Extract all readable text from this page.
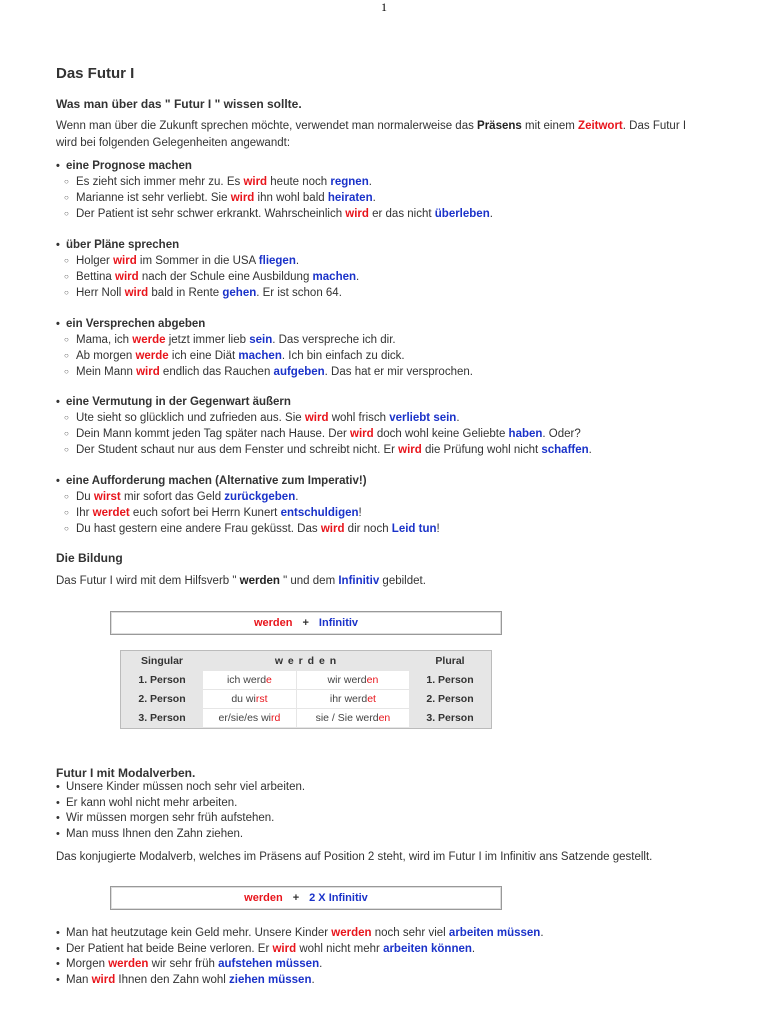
1
Das Futur I
Was man über das " Futur I " wissen sollte.

Wenn man über die Zukunft sprechen möchte, verwendet man normalerweise das Präsens mit einem Zeitwort. Das Futur I

wird bei folgenden Gelegenheiten angewandt:

• eine Prognose machen
○ Es zieht sich immer mehr zu. Es wird heute noch regnen.
○ Marianne ist sehr verliebt. Sie wird ihn wohl bald heiraten.
○ Der Patient ist sehr schwer erkrankt. Wahrscheinlich wird er das nicht überleben.
• über Pläne sprechen
○ Holger wird im Sommer in die USA fliegen.
○ Bettina wird nach der Schule eine Ausbildung machen.
○ Herr Noll wird bald in Rente gehen. Er ist schon 64.
• ein Versprechen abgeben
○ Mama, ich werde jetzt immer lieb sein. Das verspreche ich dir.
○ Ab morgen werde ich eine Diät machen. Ich bin einfach zu dick.
○ Mein Mann wird endlich das Rauchen aufgeben. Das hat er mir versprochen.
• eine Vermutung in der Gegenwart äußern
○ Ute sieht so glücklich und zufrieden aus. Sie wird wohl frisch verliebt sein.
○ Dein Mann kommt jeden Tag später nach Hause. Der wird doch wohl keine Geliebte haben. Oder?
○ Der Student schaut nur aus dem Fenster und schreibt nicht. Er wird die Prüfung wohl nicht schaffen.
• eine Aufforderung machen (Alternative zum Imperativ!)
○ Du wirst mir sofort das Geld zurückgeben.
○ Ihr werdet euch sofort bei Herrn Kunert entschuldigen!
○ Du hast gestern eine andere Frau geküsst. Das wird dir noch Leid tun!
Die Bildung

Das Futur I wird mit dem Hilfsverb " werden " und dem Infinitiv gebildet.

werden + Infinitiv
Singular	w e r d e n		Plural
1. Person	ich werde	wir werden	1. Person
2. Person	du wirst	ihr werdet	2. Person
3. Person	er/sie/es wird	sie / Sie werden	3. Person
Futur I mit Modalverben.
• Unsere Kinder müssen noch sehr viel arbeiten.
• Er kann wohl nicht mehr arbeiten.
• Wir müssen morgen sehr früh aufstehen.
• Man muss Ihnen den Zahn ziehen.

Das konjugierte Modalverb, welches im Präsens auf Position 2 steht, wird im Futur I im Infinitiv ans Satzende gestellt.

werden + 2 X Infinitiv
• Man hat heutzutage kein Geld mehr. Unsere Kinder werden noch sehr viel arbeiten müssen.
• Der Patient hat beide Beine verloren. Er wird wohl nicht mehr arbeiten können.
• Morgen werden wir sehr früh aufstehen müssen.
• Man wird Ihnen den Zahn wohl ziehen müssen.
